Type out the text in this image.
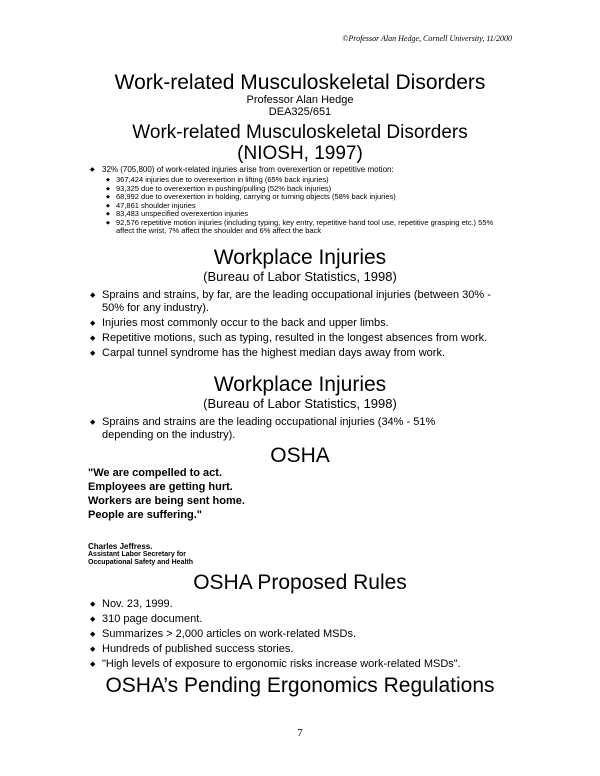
©Professor Alan Hedge, Cornell University, 11/2000
Work-related Musculoskeletal Disorders
Professor Alan Hedge
DEA325/651
Work-related Musculoskeletal Disorders
(NIOSH, 1997)
◆ 32% (705,800) of work-related injuries arise from overexertion or repetitive motion:
◆ 367,424 injuries due to overexertion in lifting (65% back injuries)
◆ 93,325 due to overexertion in pushing/pulling (52% back injuries)
◆ 68,992 due to overexertion in holding, carrying or turning objects (58% back injuries)
◆ 47,861 shoulder injuries
◆ 83,483 unspecified overexertion injuries
◆ 92,576 repetitive motion injuries (including typing, key entry, repetitive hand tool use, repetitive grasping etc.) 55% affect the wrist, 7% affect the shoulder and 6% affect the back
Workplace Injuries
(Bureau of Labor Statistics, 1998)
◆ Sprains and strains, by far, are the leading occupational injuries (between 30% - 50% for any industry).
◆ Injuries most commonly occur to the back and upper limbs.
◆ Repetitive motions, such as typing, resulted in the longest absences from work.
◆ Carpal tunnel syndrome has the highest median days away from work.
Workplace Injuries
(Bureau of Labor Statistics, 1998)
◆ Sprains and strains are the leading occupational injuries (34% - 51% depending on the industry).
OSHA
"We are compelled to act.
Employees are getting hurt.
Workers are being sent home.
People are suffering."
Charles Jeffress.
Assistant Labor Secretary for
Occupational Safety and Health
OSHA Proposed Rules
◆ Nov. 23, 1999.
◆ 310 page document.
◆ Summarizes > 2,000 articles on work-related MSDs.
◆ Hundreds of published success stories.
◆ "High levels of exposure to ergonomic risks increase work-related MSDs".
OSHA’s Pending Ergonomics Regulations
7
